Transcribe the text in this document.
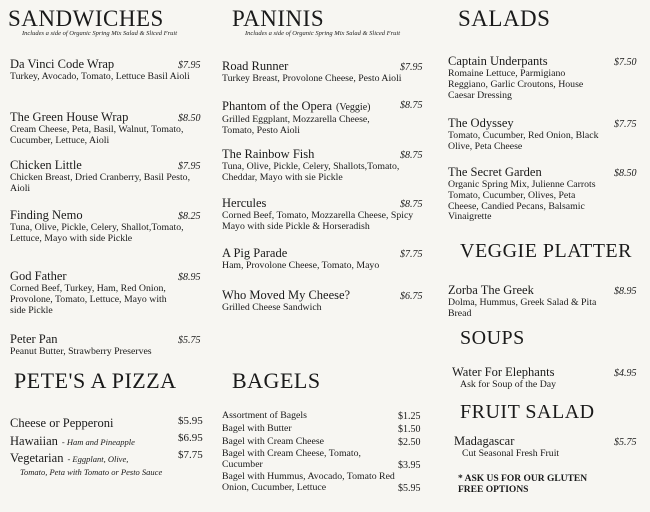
SANDWICHES
Includes a side of Organic Spring Mix Salad & Sliced Fruit
Da Vinci Code Wrap
Turkey, Avocado, Tomato, Lettuce Basil Aioli
$7.95
The Green House Wrap
Cream Cheese, Peta, Basil, Walnut, Tomato, Cucumber, Lettuce, Aioli
$8.50
Chicken Little
Chicken Breast, Dried Cranberry, Basil Pesto, Aioli
$7.95
Finding Nemo
Tuna, Olive, Pickle, Celery, Shallot,Tomato, Lettuce, Mayo with side Pickle
$8.25
God Father
Corned Beef, Turkey, Ham, Red Onion, Provolone, Tomato, Lettuce, Mayo with side Pickle
$8.95
Peter Pan
Peanut Butter, Strawberry Preserves
$5.75
PETE'S A PIZZA
Cheese or Pepperoni	$5.95
Hawaiian - Ham and Pineapple	$6.95
Vegetarian - Eggplant, Olive,
Tomato, Peta with Tomato or Pesto Sauce
$7.75
PANINIS
Includes a side of Organic Spring Mix Salad & Sliced Fruit
Road Runner
Turkey Breast, Provolone Cheese, Pesto Aioli
$7.95
Phantom of the Opera (Veggie)
Grilled Eggplant, Mozzarella Cheese, Tomato, Pesto Aioli
$8.75
The Rainbow Fish
Tuna, Olive, Pickle, Celery, Shallots,Tomato, Cheddar, Mayo with sie Pickle
$8.75
Hercules
Corned Beef, Tomato, Mozzarella Cheese, Spicy Mayo with side Pickle & Horseradish
$8.75
A Pig Parade
Ham, Provolone Cheese, Tomato, Mayo
$7.75
Who Moved My Cheese?
Grilled Cheese Sandwich
$6.75
BAGELS
Assortment of Bagels	$1.25
Bagel with Butter	$1.50
Bagel with Cream Cheese	$2.50
Bagel with Cream Cheese, Tomato, Cucumber	$3.95
Bagel with Hummus, Avocado, Tomato Red Onion, Cucumber, Lettuce	$5.95
SALADS
Captain Underpants
Romaine Lettuce, Parmigiano Reggiano, Garlic Croutons, House Caesar Dressing
$7.50
The Odyssey
Tomato, Cucumber, Red Onion, Black Olive, Peta Cheese
$7.75
The Secret Garden
Organic Spring Mix, Julienne Carrots Tomato, Cucumber, Olives, Peta Cheese, Candied Pecans, Balsamic Vinaigrette
$8.50
VEGGIE PLATTER
Zorba The Greek
Dolma, Hummus, Greek Salad & Pita Bread
$8.95
SOUPS
Water For Elephants
Ask for Soup of the Day
$4.95
FRUIT SALAD
Madagascar
Cut Seasonal Fresh Fruit
$5.75
* ASK US FOR OUR GLUTEN FREE OPTIONS
